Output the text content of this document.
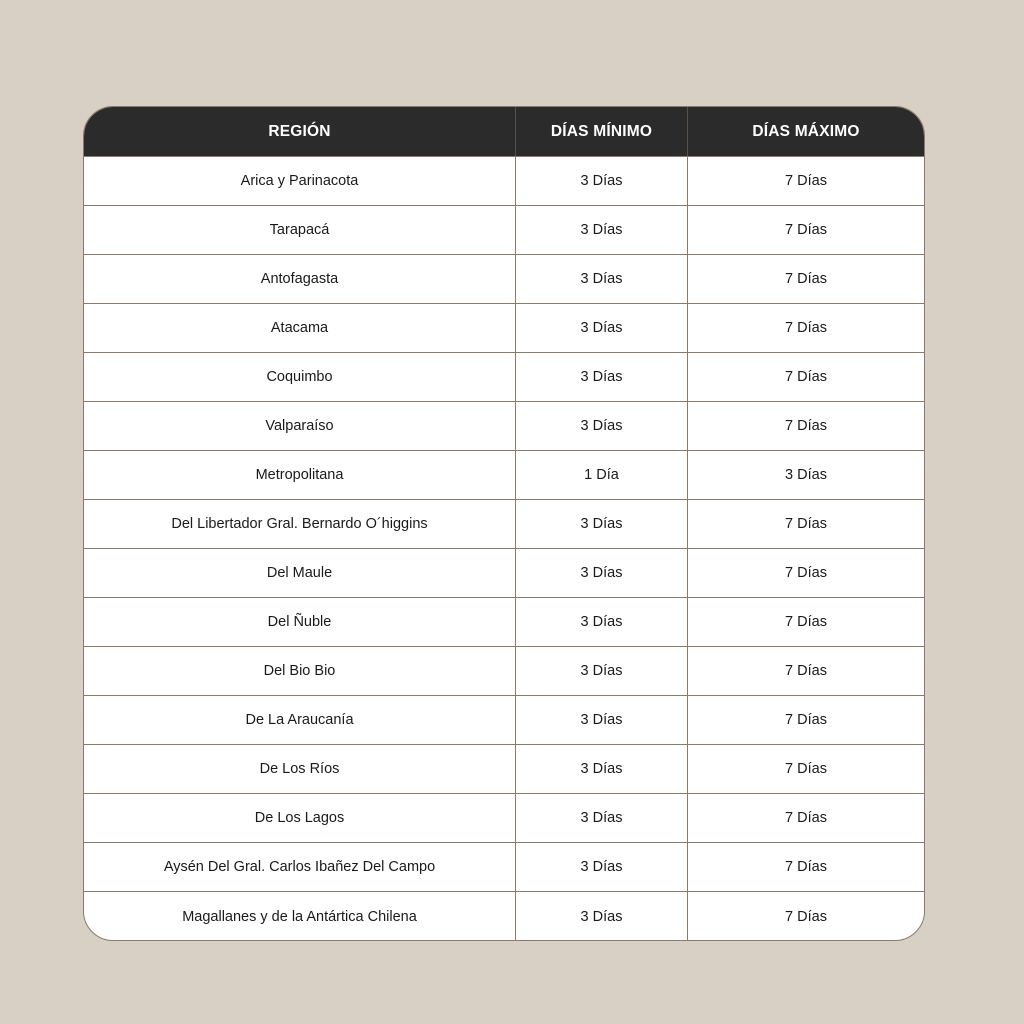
REGIÓN	DÍAS MÍNIMO	DÍAS MÁXIMO
Arica y Parinacota	3 Días	7 Días
Tarapacá	3 Días	7 Días
Antofagasta	3 Días	7 Días
Atacama	3 Días	7 Días
Coquimbo	3 Días	7 Días
Valparaíso	3 Días	7 Días
Metropolitana	1 Día	3 Días
Del Libertador Gral. Bernardo O´higgins	3 Días	7 Días
Del Maule	3 Días	7 Días
Del Ñuble	3 Días	7 Días
Del Bio Bio	3 Días	7 Días
De La Araucanía	3 Días	7 Días
De Los Ríos	3 Días	7 Días
De Los Lagos	3 Días	7 Días
Aysén Del Gral. Carlos Ibañez Del Campo	3 Días	7 Días
Magallanes y de la Antártica Chilena	3 Días	7 Días
